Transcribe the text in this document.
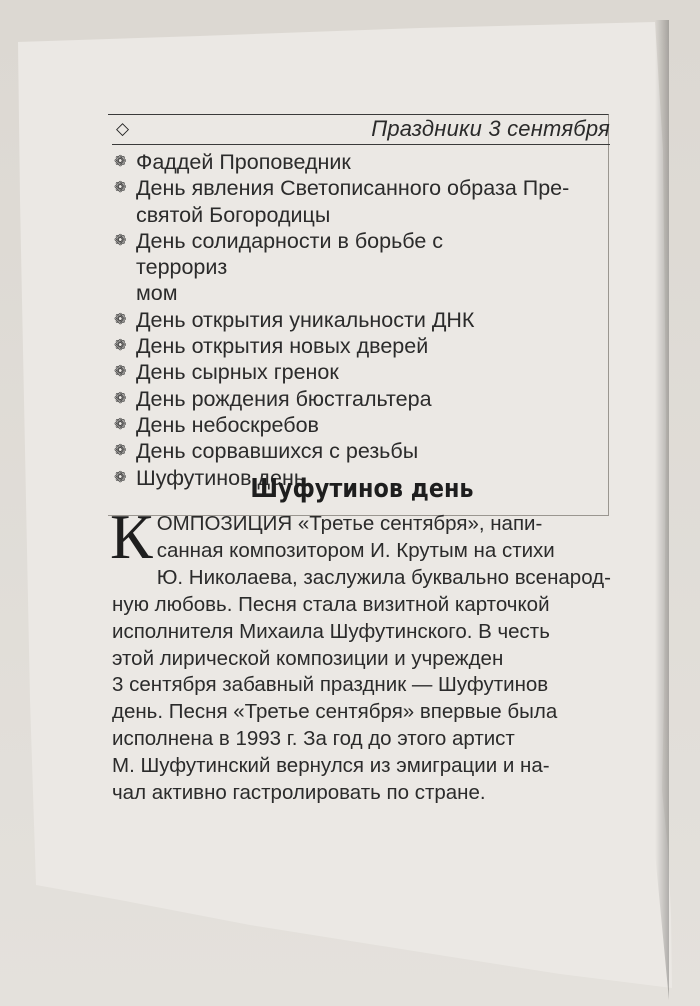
◇	Праздники 3 сентября
❁ Фаддей Проповедник
❁ День явления Светописанного образа Пре-
святой Богородицы
❁ День солидарности в борьбе с террориз
мом
❁ День открытия уникальности ДНК
❁ День открытия новых дверей
❁ День сырных гренок
❁ День рождения бюстгальтера
❁ День небоскребов
❁ День сорвавшихся с резьбы
❁ Шуфутинов день
Шуфутинов день
К ОМПОЗИЦИЯ «Третье сентября», напи-
санная композитором И. Крутым на стихи
Ю. Николаева, заслужила буквально всенарод-
ную любовь. Песня стала визитной карточкой
исполнителя Михаила Шуфутинского. В честь
этой лирической композиции и учрежден
3 сентября забавный праздник — Шуфутинов
день. Песня «Третье сентября» впервые была
исполнена в 1993 г. За год до этого артист
М. Шуфутинский вернулся из эмиграции и на-
чал активно гастролировать по стране.
